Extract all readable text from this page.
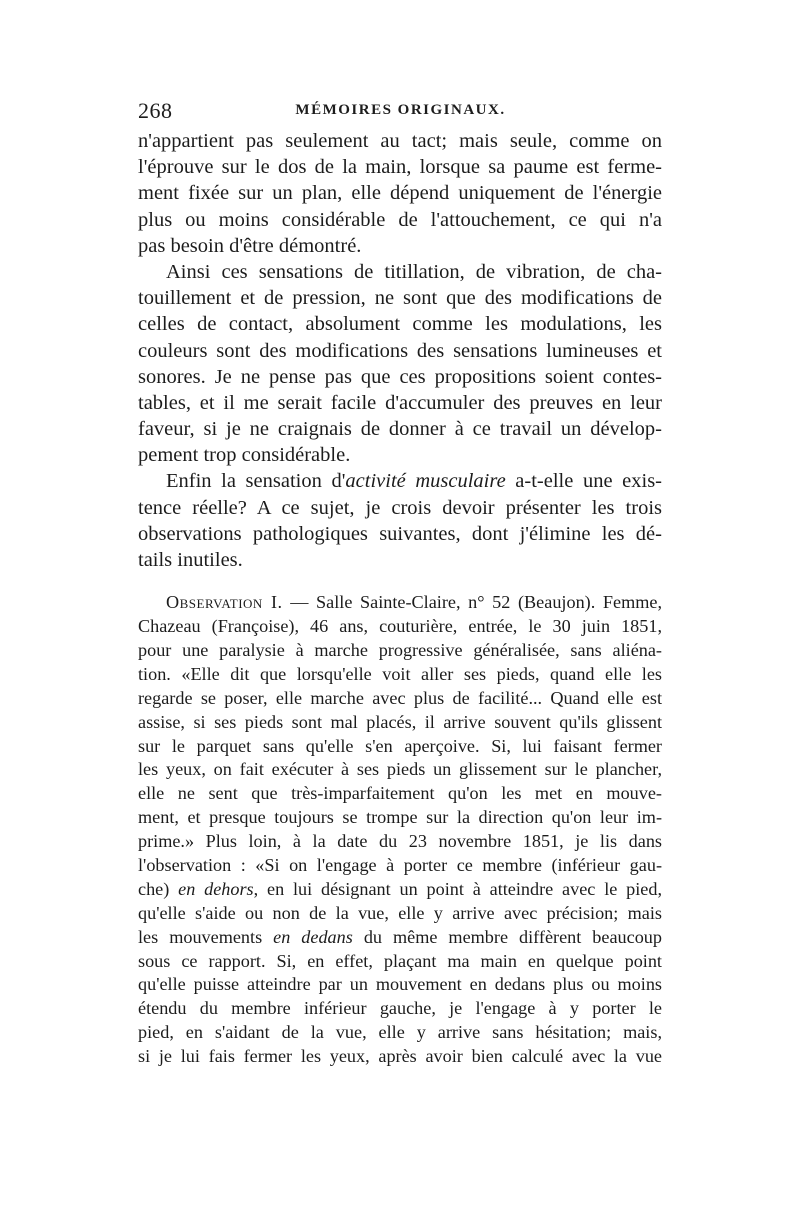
268	MÉMOIRES ORIGINAUX.
n'appartient pas seulement au tact; mais seule, comme on
l'éprouve sur le dos de la main, lorsque sa paume est ferme-
ment fixée sur un plan, elle dépend uniquement de l'énergie
plus ou moins considérable de l'attouchement, ce qui n'a
pas besoin d'être démontré.
Ainsi ces sensations de titillation, de vibration, de cha-
touillement et de pression, ne sont que des modifications de
celles de contact, absolument comme les modulations, les
couleurs sont des modifications des sensations lumineuses et
sonores. Je ne pense pas que ces propositions soient contes-
tables, et il me serait facile d'accumuler des preuves en leur
faveur, si je ne craignais de donner à ce travail un dévelop-
pement trop considérable.
Enfin la sensation d'activité musculaire a-t-elle une exis-
tence réelle? A ce sujet, je crois devoir présenter les trois
observations pathologiques suivantes, dont j'élimine les dé-
tails inutiles.
Observation I. — Salle Sainte-Claire, n° 52 (Beaujon). Femme,
Chazeau (Françoise), 46 ans, couturière, entrée, le 30 juin 1851,
pour une paralysie à marche progressive généralisée, sans aliéna-
tion. «Elle dit que lorsqu'elle voit aller ses pieds, quand elle les
regarde se poser, elle marche avec plus de facilité... Quand elle est
assise, si ses pieds sont mal placés, il arrive souvent qu'ils glissent
sur le parquet sans qu'elle s'en aperçoive. Si, lui faisant fermer
les yeux, on fait exécuter à ses pieds un glissement sur le plancher,
elle ne sent que très-imparfaitement qu'on les met en mouve-
ment, et presque toujours se trompe sur la direction qu'on leur im-
prime.» Plus loin, à la date du 23 novembre 1851, je lis dans
l'observation : «Si on l'engage à porter ce membre (inférieur gau-
che) en dehors, en lui désignant un point à atteindre avec le pied,
qu'elle s'aide ou non de la vue, elle y arrive avec précision; mais
les mouvements en dedans du même membre diffèrent beaucoup
sous ce rapport. Si, en effet, plaçant ma main en quelque point
qu'elle puisse atteindre par un mouvement en dedans plus ou moins
étendu du membre inférieur gauche, je l'engage à y porter le
pied, en s'aidant de la vue, elle y arrive sans hésitation; mais,
si je lui fais fermer les yeux, après avoir bien calculé avec la vue
